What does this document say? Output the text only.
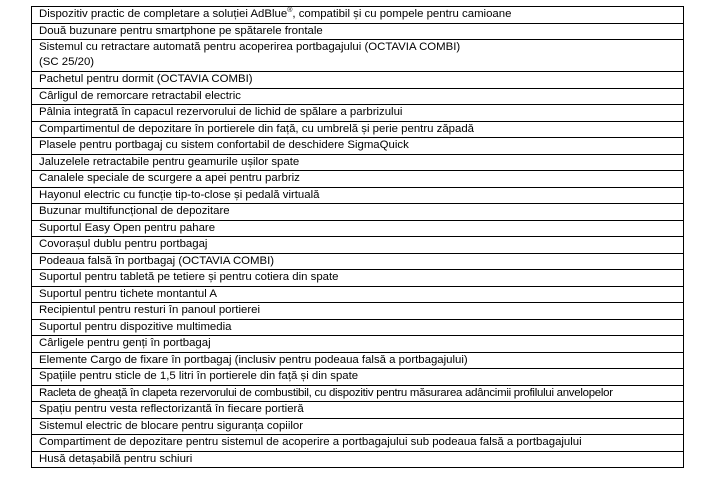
Dispozitiv practic de completare a soluției AdBlue®, compatibil și cu pompele pentru camioane
Două buzunare pentru smartphone pe spătarele frontale
Sistemul cu retractare automată pentru acoperirea portbagajului (OCTAVIA COMBI)
(SC 25/20)
Pachetul pentru dormit (OCTAVIA COMBI)
Cârligul de remorcare retractabil electric
Pâlnia integrată în capacul rezervorului de lichid de spălare a parbrizului
Compartimentul de depozitare în portierele din față, cu umbrelă și perie pentru zăpadă
Plasele pentru portbagaj cu sistem confortabil de deschidere SigmaQuick
Jaluzelele retractabile pentru geamurile ușilor spate
Canalele speciale de scurgere a apei pentru parbriz
Hayonul electric cu funcție tip-to-close și pedală virtuală
Buzunar multifuncțional de depozitare
Suportul Easy Open pentru pahare
Covorașul dublu pentru portbagaj
Podeaua falsă în portbagaj (OCTAVIA COMBI)
Suportul pentru tabletă pe tetiere și pentru cotiera din spate
Suportul pentru tichete montantul A
Recipientul pentru resturi în panoul portierei
Suportul pentru dispozitive multimedia
Cârligele pentru genți în portbagaj
Elemente Cargo de fixare în portbagaj (inclusiv pentru podeaua falsă a portbagajului)
Spațiile pentru sticle de 1,5 litri în portierele din față și din spate
Racleta de gheață în clapeta rezervorului de combustibil, cu dispozitiv pentru măsurarea adâncimii profilului anvelopelor
Spațiu pentru vesta reflectorizantă în fiecare portieră
Sistemul electric de blocare pentru siguranța copiilor
Compartiment de depozitare pentru sistemul de acoperire a portbagajului sub podeaua falsă a portbagajului
Husă detașabilă pentru schiuri
